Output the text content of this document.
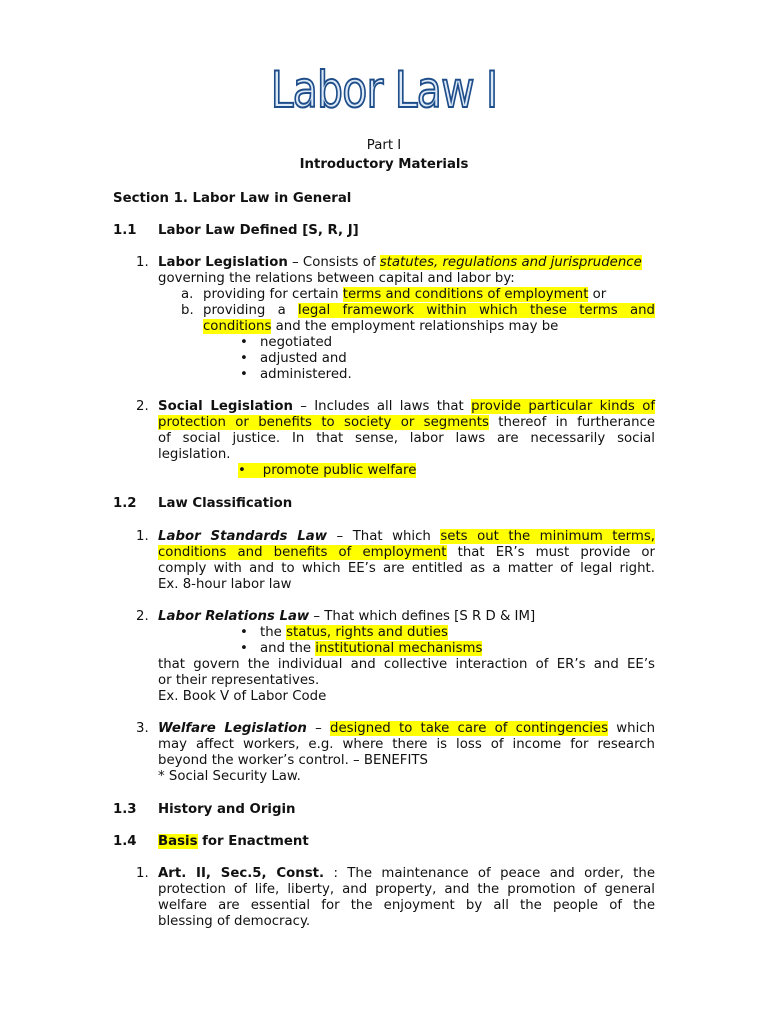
Labor Law I
Part I
Introductory Materials
Section 1. Labor Law in General
1.1 Labor Law Defined [S, R, J]
1. Labor Legislation – Consists of statutes, regulations and jurisprudence
governing the relations between capital and labor by:
a. providing for certain terms and conditions of employment or
b. providing a legal framework within which these terms and
conditions and the employment relationships may be
• negotiated
• adjusted and
• administered.
2. Social Legislation – Includes all laws that provide particular kinds of
protection or benefits to society or segments thereof in furtherance
of social justice. In that sense, labor laws are necessarily social
legislation.
•    promote public welfare
1.2 Law Classification
1. Labor Standards Law – That which sets out the minimum terms,
conditions and benefits of employment that ER’s must provide or
comply with and to which EE’s are entitled as a matter of legal right.
Ex. 8-hour labor law
2. Labor Relations Law – That which defines [S R D & IM]
• the status, rights and duties
• and the institutional mechanisms
that govern the individual and collective interaction of ER’s and EE’s
or their representatives.
Ex. Book V of Labor Code
3. Welfare Legislation – designed to take care of contingencies which
may affect workers, e.g. where there is loss of income for research
beyond the worker’s control. – BENEFITS
* Social Security Law.
1.3 History and Origin
1.4 Basis for Enactment
1. Art. II, Sec.5, Const. : The maintenance of peace and order, the
protection of life, liberty, and property, and the promotion of general
welfare are essential for the enjoyment by all the people of the
blessing of democracy.
